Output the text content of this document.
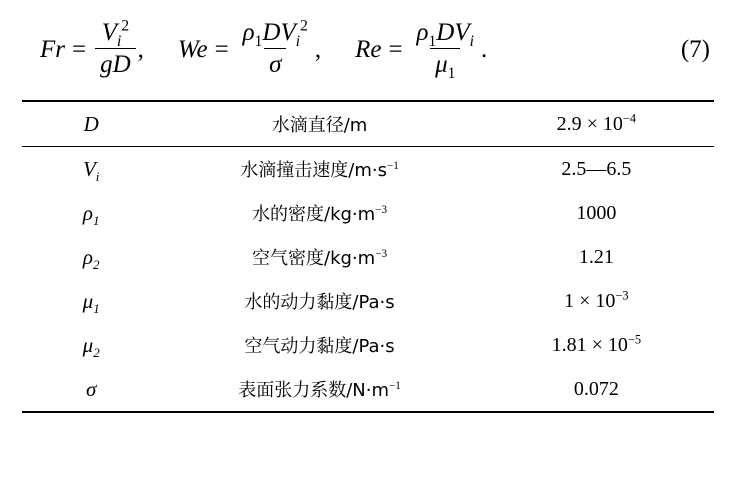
$Fr = \frac{V_i^2}{gD}$ , $We = \frac{\rho_1DV_i^2}{\sigma}$ , $Re = \frac{\rho_1DV_i}{\mu_1}$ .	(7)
D	水滴直径/m	$2.9 \times 10^{-4}$
$V_i$	水滴撞击速度$/m\cdot s^{-1}$	2.5—6.5
$\rho_1$	水的密度$/kg\cdot m^{-3}$	1000
$\rho_2$	空气密度$/kg\cdot m^{-3}$	1.21
$\mu_1$	水的动力黏度/Pa·s	$1 \times 10^{-3}$
$\mu_2$	空气动力黏度/Pa·s	$1.81 \times 10^{-5}$
σ	表面张力系数$/N\cdot m^{-1}$	0.072
